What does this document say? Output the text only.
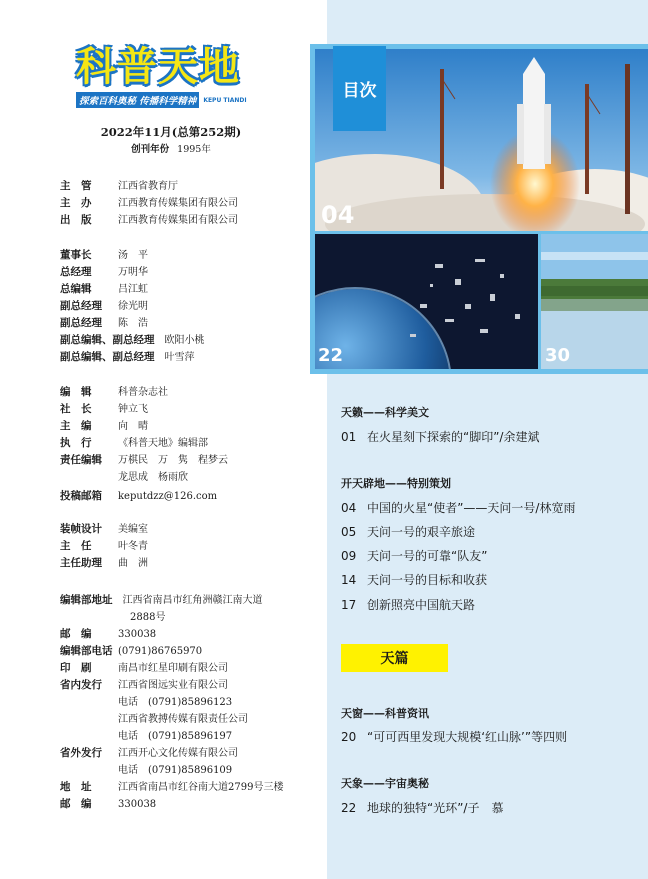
科普天地
探索百科奥秘 传播科学精神	KEPU TIANDI
2022年11月(总第252期)
创刊年份 1995年
主　管	江西省教育厅
主　办	江西教育传媒集团有限公司
出　版	江西教育传媒集团有限公司
董事长	汤　平
总经理	万明华
总编辑	吕江虹
副总经理	徐光明
副总经理	陈　浩
副总编辑、副总经理 欧阳小桃
副总编辑、副总经理 叶雪萍
编　辑	科普杂志社
社　长	钟立飞
主　编	向　晴
执　行	《科普天地》编辑部
责任编辑	万棋民　万　隽　程梦云
龙思成　杨雨欣
投稿邮箱	keputdzz@126.com
装帧设计	美编室
主　任	叶冬青
主任助理	曲　洲
编辑部地址 江西省南昌市红角洲赣江南大道
2888号
邮　编	330038
编辑部电话 (0791)86765970
印　刷	南昌市红星印刷有限公司
省内发行	江西省图远实业有限公司
电话　(0791)85896123
江西省教搏传媒有限责任公司
电话　(0791)85896197
省外发行	江西开心文化传媒有限公司
电话　(0791)85896109
地　址	江西省南昌市红谷南大道2799号三楼
邮　编	330038
目次
04
22	30
天籁——科学美文
01 在火星刻下探索的“脚印”/余建斌
开天辟地——特别策划
04 中国的火星“使者”——天问一号/林宽雨
05 天问一号的艰辛旅途
09 天问一号的可靠“队友”
14 天问一号的目标和收获
17 创新照亮中国航天路
天篇
天窗——科普资讯
20 “可可西里发现大规模‘红山脉’”等四则
天象——宇宙奥秘
22 地球的独特“光环”/子　慕
